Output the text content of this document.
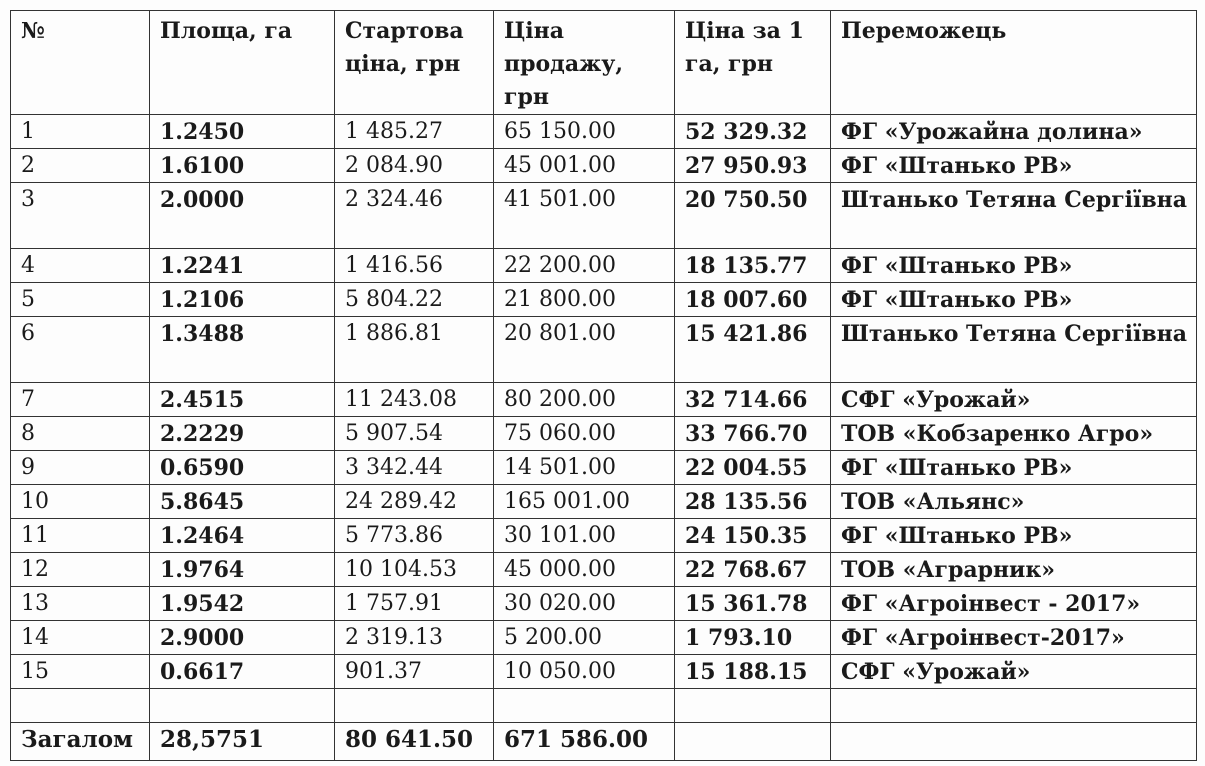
№	Площа, га	Стартова ціна, грн	Ціна продажу, грн	Ціна за 1 га, грн	Переможець
1	1.2450	1 485.27	65 150.00	52 329.32	ФГ «Урожайна долина»
2	1.6100	2 084.90	45 001.00	27 950.93	ФГ «Штанько РВ»
3	2.0000	2 324.46	41 501.00	20 750.50	Штанько Тетяна Сергіївна
4	1.2241	1 416.56	22 200.00	18 135.77	ФГ «Штанько РВ»
5	1.2106	5 804.22	21 800.00	18 007.60	ФГ «Штанько РВ»
6	1.3488	1 886.81	20 801.00	15 421.86	Штанько Тетяна Сергіївна
7	2.4515	11 243.08	80 200.00	32 714.66	СФГ «Урожай»
8	2.2229	5 907.54	75 060.00	33 766.70	ТОВ «Кобзаренко Агро»
9	0.6590	3 342.44	14 501.00	22 004.55	ФГ «Штанько РВ»
10	5.8645	24 289.42	165 001.00	28 135.56	ТОВ «Альянс»
11	1.2464	5 773.86	30 101.00	24 150.35	ФГ «Штанько РВ»
12	1.9764	10 104.53	45 000.00	22 768.67	ТОВ «Аграрник»
13	1.9542	1 757.91	30 020.00	15 361.78	ФГ «Агроінвест - 2017»
14	2.9000	2 319.13	5 200.00	1 793.10	ФГ «Агроінвест-2017»
15	0.6617	901.37	10 050.00	15 188.15	СФГ «Урожай»

Загалом	28,5751	80 641.50	671 586.00		
